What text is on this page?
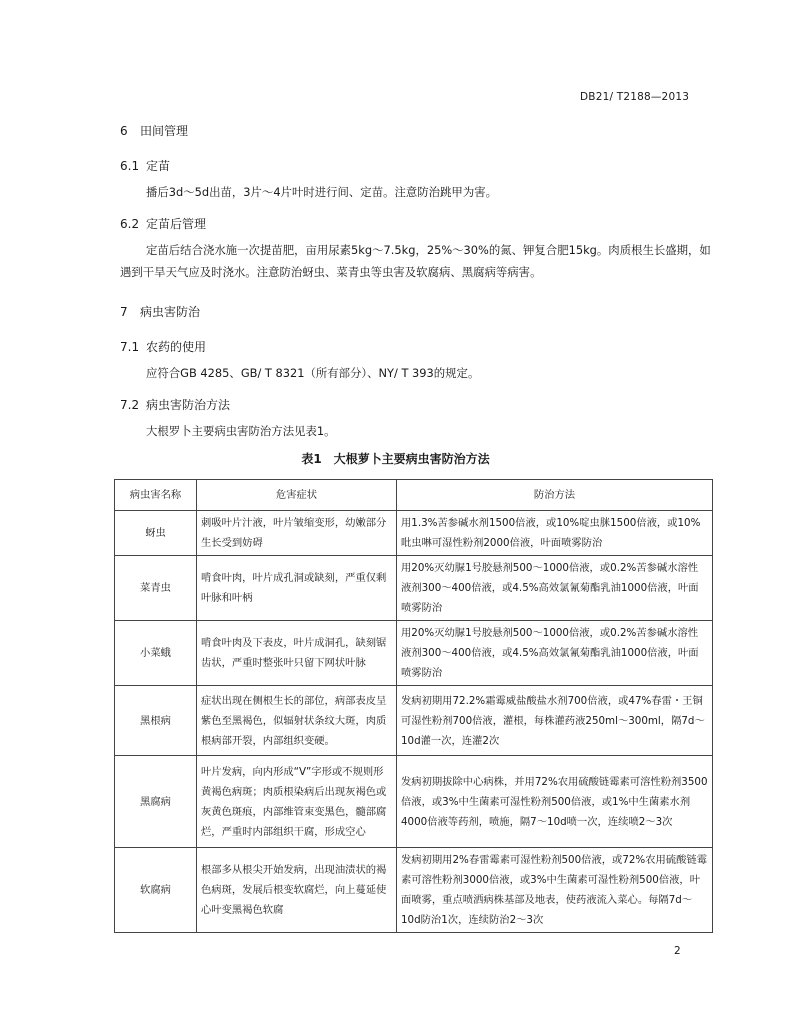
DB21/ T2188—2013
6 田间管理
6.1 定苗
播后3d～5d出苗，3片～4片叶时进行间、定苗。注意防治跳甲为害。
6.2 定苗后管理
定苗后结合浇水施一次提苗肥，亩用尿素5kg～7.5kg，25%～30%的氮、钾复合肥15kg。肉质根生长盛期，如遇到干旱天气应及时浇水。注意防治蚜虫、菜青虫等虫害及软腐病、黑腐病等病害。
7 病虫害防治
7.1 农药的使用
应符合GB 4285、GB/ T 8321（所有部分）、NY/ T 393的规定。
7.2 病虫害防治方法
大根罗卜主要病虫害防治方法见表1。
表1　大根萝卜主要病虫害防治方法
病虫害名称	危害症状	防治方法
蚜虫	刺吸叶片汁液，叶片皱缩变形，幼嫩部分生长受到妨碍	用1.3%苦参碱水剂1500倍液，或10%啶虫脒1500倍液，或10%吡虫啉可湿性粉剂2000倍液，叶面喷雾防治
菜青虫	啃食叶肉，叶片成孔洞或缺刻，严重仅剩叶脉和叶柄	用20%灭幼脲1号胶悬剂500～1000倍液，或0.2%苦参碱水溶性液剂300～400倍液，或4.5%高效氯氰菊酯乳油1000倍液，叶面喷雾防治
小菜蛾	啃食叶肉及下表皮，叶片成洞孔，缺刻锯齿状，严重时整张叶只留下网状叶脉	用20%灭幼脲1号胶悬剂500～1000倍液，或0.2%苦参碱水溶性液剂300～400倍液，或4.5%高效氯氰菊酯乳油1000倍液，叶面喷雾防治
黑根病	症状出现在侧根生长的部位，病部表皮呈紫色至黑褐色，似辐射状条纹大斑，肉质根病部开裂，内部组织变硬。	发病初期用72.2%霜霉威盐酸盐水剂700倍液，或47%春雷・王铜可湿性粉剂700倍液，灌根，每株灌药液250ml～300ml，隔7d～10d灌一次，连灌2次
黑腐病	叶片发病，向内形成“V”字形或不规则形黄褐色病斑；肉质根染病后出现灰褐色或灰黄色斑痕，内部维管束变黑色，髓部腐烂，严重时内部组织干腐，形成空心	发病初期拔除中心病株，并用72%农用硫酸链霉素可溶性粉剂3500倍液，或3%中生菌素可湿性粉剂500倍液，或1%中生菌素水剂4000倍液等药剂，喷施，隔7～10d喷一次，连续喷2～3次
软腐病	根部多从根尖开始发病，出现油渍状的褐色病斑，发展后根变软腐烂，向上蔓延使心叶变黑褐色软腐	发病初期用2%春雷霉素可湿性粉剂500倍液，或72%农用硫酸链霉素可溶性粉剂3000倍液，或3%中生菌素可湿性粉剂500倍液，叶面喷雾，重点喷洒病株基部及地表，使药液流入菜心。每隔7d～10d防治1次，连续防治2～3次
2
